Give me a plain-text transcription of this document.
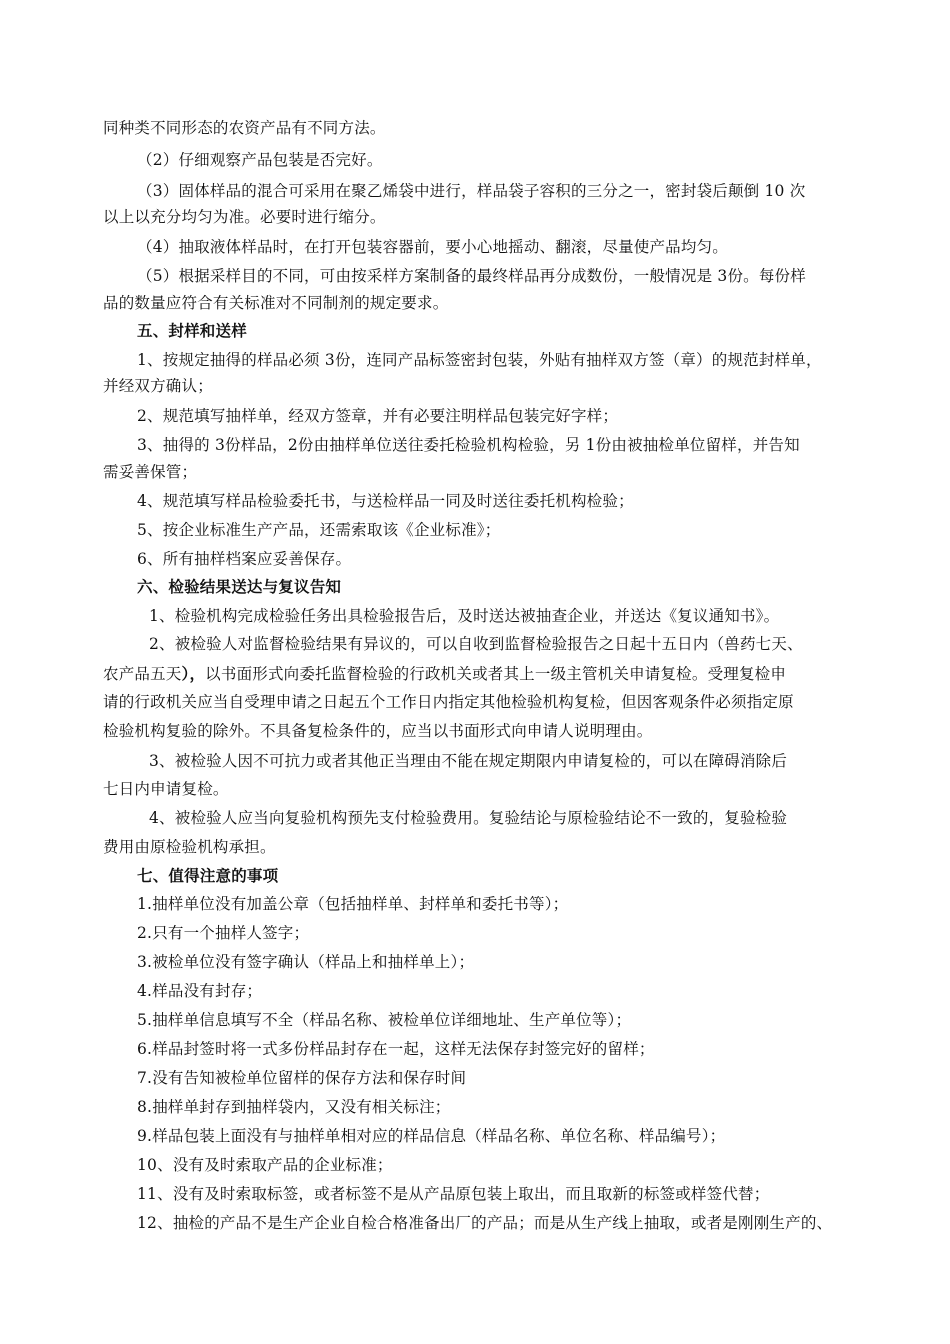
同种类不同形态的农资产品有不同方法。
（2）仔细观察产品包装是否完好。
（3）固体样品的混合可采用在聚乙烯袋中进行，样品袋子容积的三分之一，密封袋后颠倒 10 次
以上以充分均匀为准。必要时进行缩分。
（4）抽取液体样品时，在打开包装容器前，要小心地摇动、翻滚，尽量使产品均匀。
（5）根据采样目的不同，可由按采样方案制备的最终样品再分成数份，一般情况是 3份。每份样
品的数量应符合有关标准对不同制剂的规定要求。
五、封样和送样
1、按规定抽得的样品必须 3份，连同产品标签密封包装，外贴有抽样双方签（章）的规范封样单，
并经双方确认；
2、规范填写抽样单，经双方签章，并有必要注明样品包装完好字样；
3、抽得的 3份样品，2份由抽样单位送往委托检验机构检验，另 1份由被抽检单位留样，并告知
需妥善保管；
4、规范填写样品检验委托书，与送检样品一同及时送往委托机构检验；
5、按企业标准生产产品，还需索取该《企业标准》；
6、所有抽样档案应妥善保存。
六、检验结果送达与复议告知
1、检验机构完成检验任务出具检验报告后，及时送达被抽查企业，并送达《复议通知书》。
2、被检验人对监督检验结果有异议的，可以自收到监督检验报告之日起十五日内（兽药七天、
农产品五天），以书面形式向委托监督检验的行政机关或者其上一级主管机关申请复检。受理复检申
请的行政机关应当自受理申请之日起五个工作日内指定其他检验机构复检，但因客观条件必须指定原
检验机构复验的除外。不具备复检条件的，应当以书面形式向申请人说明理由。
3、被检验人因不可抗力或者其他正当理由不能在规定期限内申请复检的，可以在障碍消除后
七日内申请复检。
4、被检验人应当向复验机构预先支付检验费用。复验结论与原检验结论不一致的，复验检验
费用由原检验机构承担。
七、值得注意的事项
1.抽样单位没有加盖公章（包括抽样单、封样单和委托书等）；
2.只有一个抽样人签字；
3.被检单位没有签字确认（样品上和抽样单上）；
4.样品没有封存；
5.抽样单信息填写不全（样品名称、被检单位详细地址、生产单位等）；
6.样品封签时将一式多份样品封存在一起，这样无法保存封签完好的留样；
7.没有告知被检单位留样的保存方法和保存时间
8.抽样单封存到抽样袋内，又没有相关标注；
9.样品包装上面没有与抽样单相对应的样品信息（样品名称、单位名称、样品编号）；
10、没有及时索取产品的企业标准；
11、没有及时索取标签，或者标签不是从产品原包装上取出，而且取新的标签或样签代替；
12、抽检的产品不是生产企业自检合格准备出厂的产品；而是从生产线上抽取，或者是刚刚生产的、
